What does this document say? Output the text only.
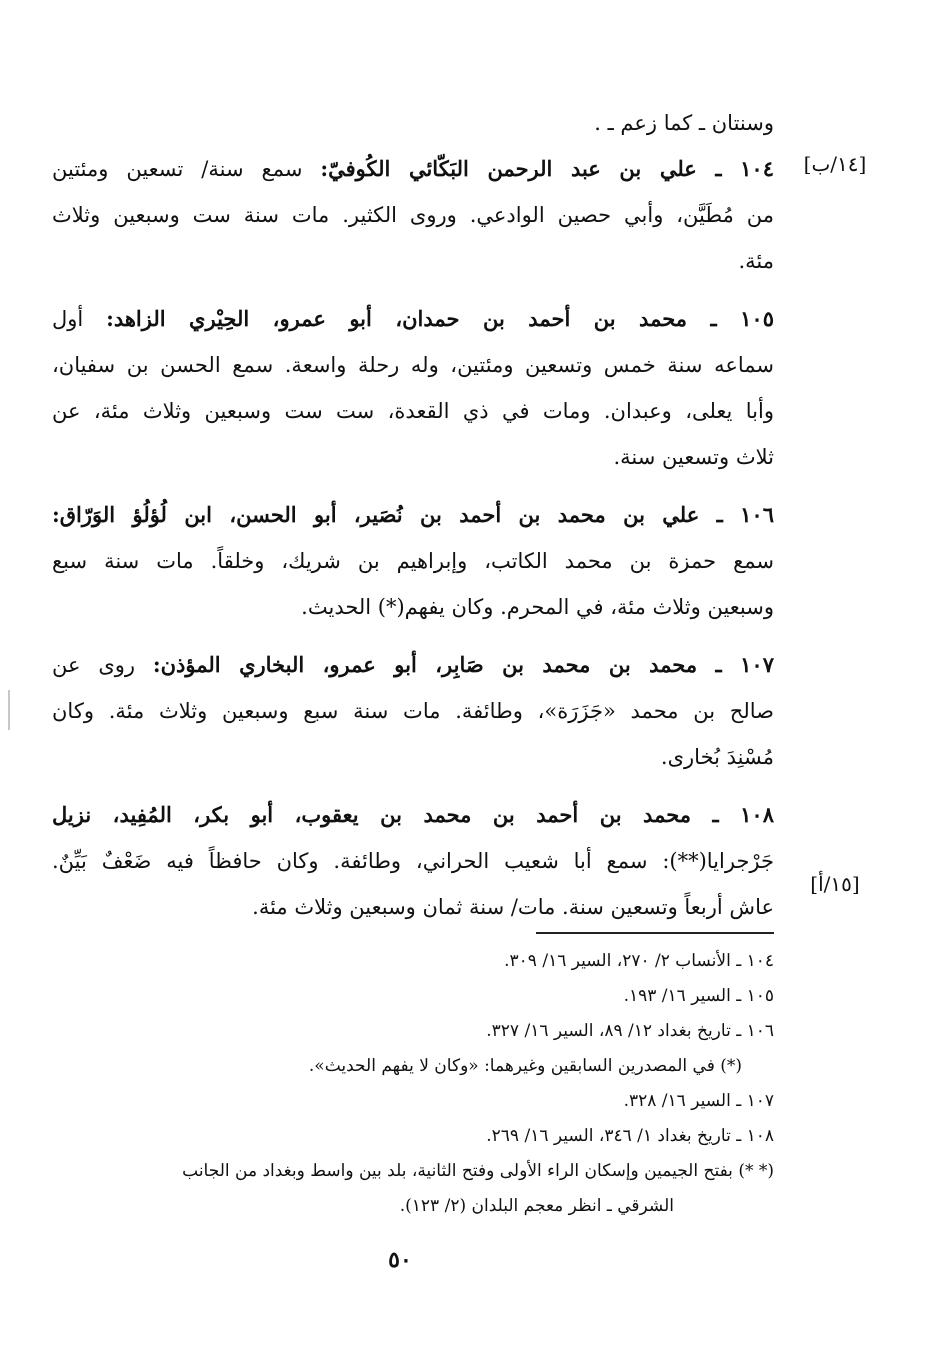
وسنتان ـ كما زعم ـ .
١٠٤ ـ علي بن عبد الرحمن البَكّائي الكُوفيّ: سمع سنة/ تسعين ومئتين
من مُطَيَّن، وأبي حصين الوادعي. وروى الكثير. مات سنة ست وسبعين وثلاث
مئة.
١٠٥ ـ محمد بن أحمد بن حمدان، أبو عمرو، الحِيْري الزاهد: أول
سماعه سنة خمس وتسعين ومئتين، وله رحلة واسعة. سمع الحسن بن سفيان،
وأبا يعلى، وعبدان. ومات في ذي القعدة، ست ست وسبعين وثلاث مئة، عن
ثلاث وتسعين سنة.
١٠٦ ـ علي بن محمد بن أحمد بن نُصَير، أبو الحسن، ابن لُؤلُؤ الوَرّاق:
سمع حمزة بن محمد الكاتب، وإبراهيم بن شريك، وخلقاً. مات سنة سبع
وسبعين وثلاث مئة، في المحرم. وكان يفهم(*) الحديث.
١٠٧ ـ محمد بن محمد بن صَابِر، أبو عمرو، البخاري المؤذن: روى عن
صالح بن محمد «جَزَرَة»، وطائفة. مات سنة سبع وسبعين وثلاث مئة. وكان
مُسْنِدَ بُخارى.
١٠٨ ـ محمد بن أحمد بن محمد بن يعقوب، أبو بكر، المُفِيد، نزيل
جَرْجرايا(**): سمع أبا شعيب الحراني، وطائفة. وكان حافظاً فيه ضَعْفٌ بَيِّنٌ.
عاش أربعاً وتسعين سنة. مات/ سنة ثمان وسبعين وثلاث مئة.
[١٤/ب]
[١٥/أ]
١٠٤ ـ الأنساب ٢/ ٢٧٠، السير ١٦/ ٣٠٩.
١٠٥ ـ السير ١٦/ ١٩٣.
١٠٦ ـ تاريخ بغداد ١٢/ ٨٩، السير ١٦/ ٣٢٧.
(*) في المصدرين السابقين وغيرهما: «وكان لا يفهم الحديث».
١٠٧ ـ السير ١٦/ ٣٢٨.
١٠٨ ـ تاريخ بغداد ١/ ٣٤٦، السير ١٦/ ٢٦٩.
(* *) بفتح الجيمين وإسكان الراء الأولى وفتح الثانية، بلد بين واسط وبغداد من الجانب
الشرقي ـ انظر معجم البلدان (٢/ ١٢٣).
٥٠
